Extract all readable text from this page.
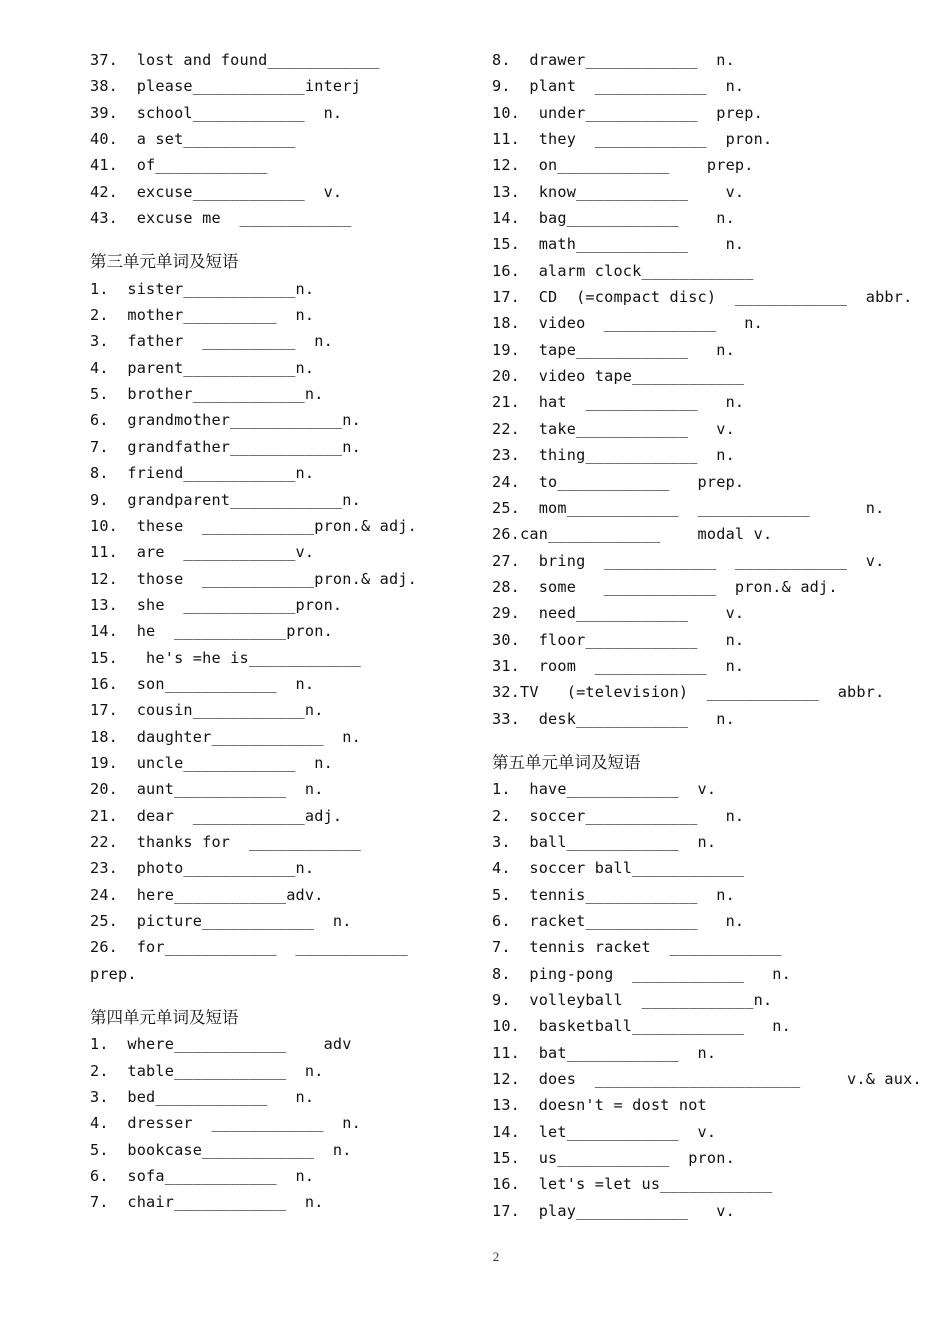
37.  lost and found____________
38.  please____________interj
39.  school____________  n.
40.  a set____________
41.  of____________
42.  excuse____________  v.
43.  excuse me  ____________
第三单元单词及短语
1.  sister____________n.
2.  mother__________  n.
3.  father  __________  n.
4.  parent____________n.
5.  brother____________n.
6.  grandmother____________n.
7.  grandfather____________n.
8.  friend____________n.
9.  grandparent____________n.
10.  these  ____________pron.& adj.
11.  are  ____________v.
12.  those  ____________pron.& adj.
13.  she  ____________pron.
14.  he  ____________pron.
15.   he's =he is____________
16.  son____________  n.
17.  cousin____________n.
18.  daughter____________  n.
19.  uncle____________  n.
20.  aunt____________  n.
21.  dear  ____________adj.
22.  thanks for  ____________
23.  photo____________n.
24.  here____________adv.
25.  picture____________  n.
26.  for____________  ____________
prep.
第四单元单词及短语
1.  where____________    adv
2.  table____________  n.
3.  bed____________   n.
4.  dresser  ____________  n.
5.  bookcase____________  n.
6.  sofa____________  n.
7.  chair____________  n.
8.  drawer____________  n.
9.  plant  ____________  n.
10.  under____________  prep.
11.  they  ____________  pron.
12.  on____________    prep.
13.  know____________    v.
14.  bag____________    n.
15.  math____________    n.
16.  alarm clock____________
17.  CD  (=compact disc)  ____________  abbr.
18.  video  ____________   n.
19.  tape____________   n.
20.  video tape____________
21.  hat  ____________   n.
22.  take____________   v.
23.  thing____________  n.
24.  to____________   prep.
25.  mom____________  ____________      n.
26.can____________    modal v.
27.  bring  ____________  ____________  v.
28.  some   ____________  pron.& adj.
29.  need____________    v.
30.  floor____________   n.
31.  room  ____________  n.
32.TV   (=television)  ____________  abbr.
33.  desk____________   n.
第五单元单词及短语
1.  have____________  v.
2.  soccer____________   n.
3.  ball____________  n.
4.  soccer ball____________
5.  tennis____________  n.
6.  racket____________   n.
7.  tennis racket  ____________
8.  ping-pong  ____________   n.
9.  volleyball  ____________n.
10.  basketball____________   n.
11.  bat____________  n.
12.  does  ______________________     v.& aux.
13.  doesn't = dost not
14.  let____________  v.
15.  us____________  pron.
16.  let's =let us____________
17.  play____________   v.
2
